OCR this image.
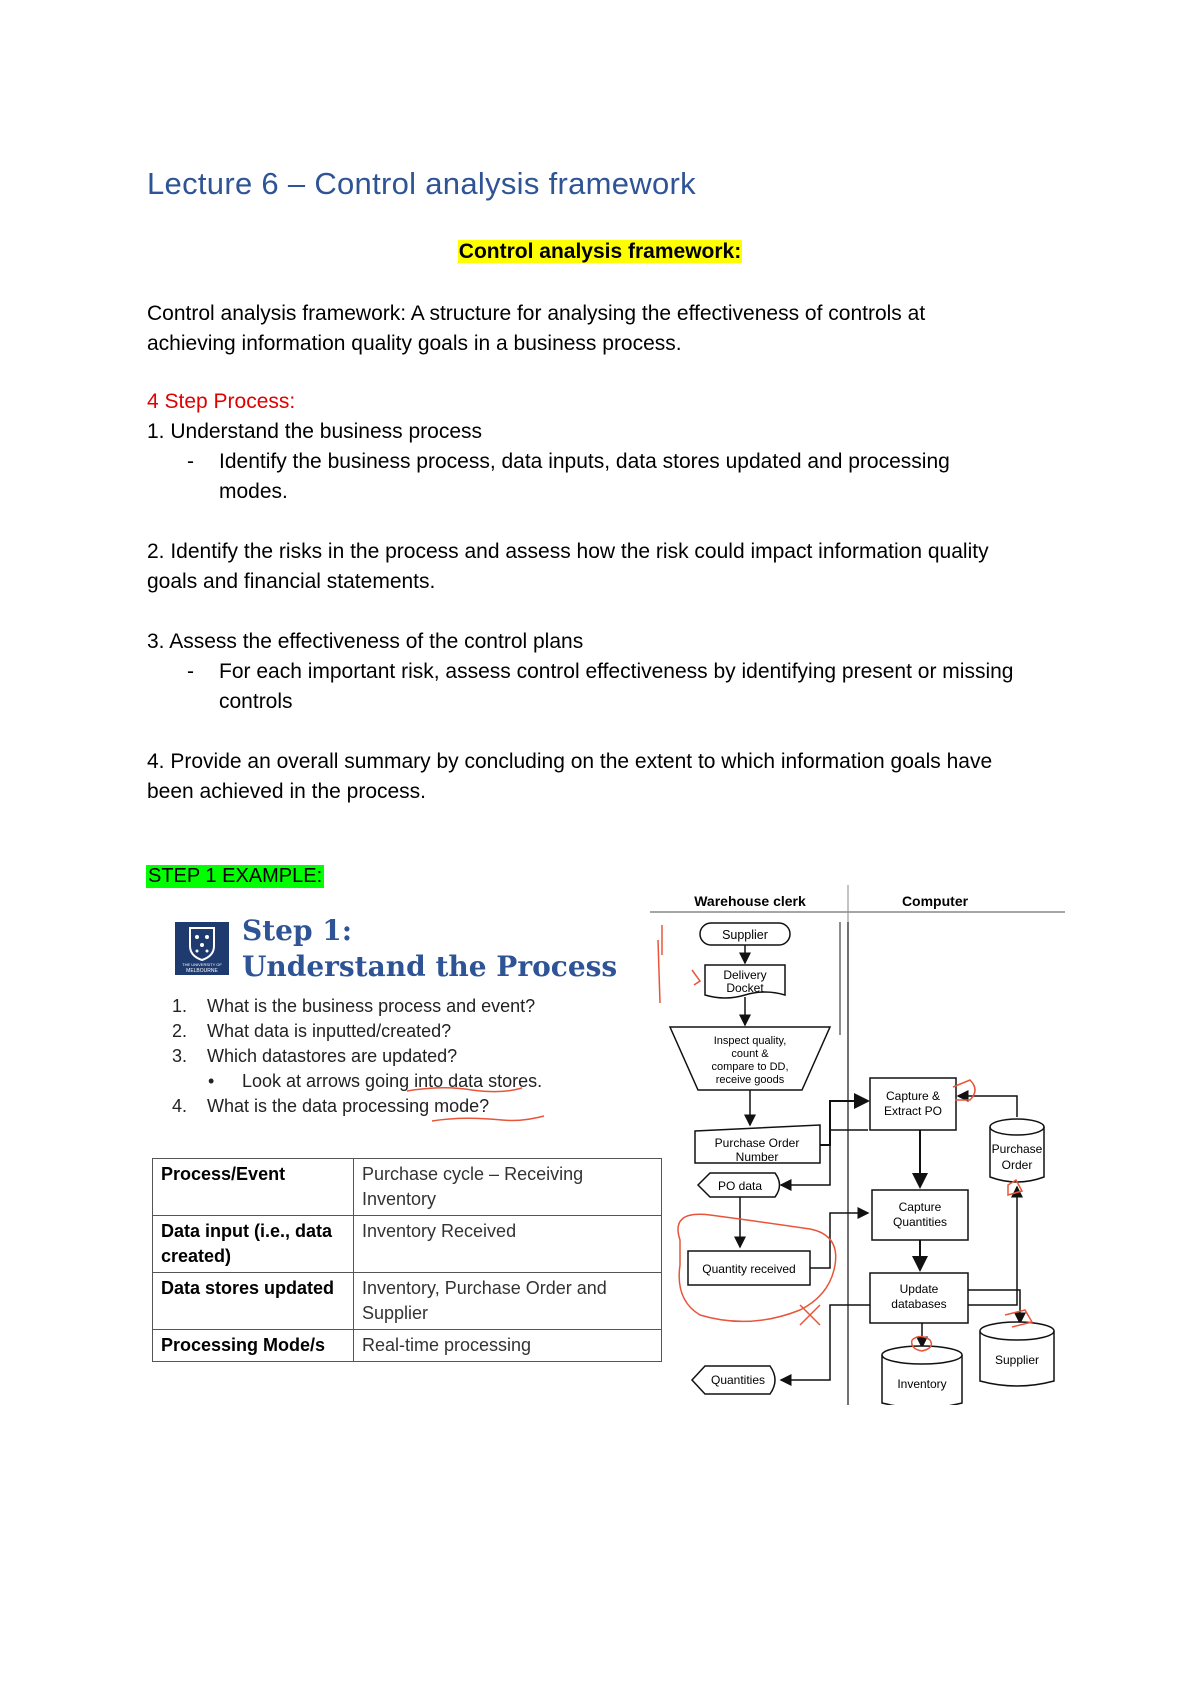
Lecture 6 – Control analysis framework
Control analysis framework:
Control analysis framework: A structure for analysing the effectiveness of controls at
achieving information quality goals in a business process.
4 Step Process:
1. Understand the business process
- Identify the business process, data inputs, data stores updated and processing
modes.
2. Identify the risks in the process and assess how the risk could impact information quality
goals and financial statements.
3. Assess the effectiveness of the control plans
- For each important risk, assess control effectiveness by identifying present or missing
controls
4. Provide an overall summary by concluding on the extent to which information goals have
been achieved in the process.
STEP 1 EXAMPLE:
THE UNIVERSITY OF
MELBOURNE
Step 1:
Understand the Process
1. What is the business process and event?
2. What data is inputted/created?
3. Which datastores are updated?
• Look at arrows going into data stores.
4. What is the data processing mode?
Process/Event	Purchase cycle – Receiving Inventory
Data input (i.e., data created)	Inventory Received
Data stores updated	Inventory, Purchase Order and Supplier
Processing Mode/s	Real-time processing
Warehouse clerk	Computer
Supplier
Delivery
Docket
Inspect quality,
count &
compare to DD,
receive goods
Purchase Order
Number
PO data
Quantity received
Quantities
Capture &
Extract PO
Capture
Quantities
Update
databases
Purchase
Order
Supplier
Inventory
